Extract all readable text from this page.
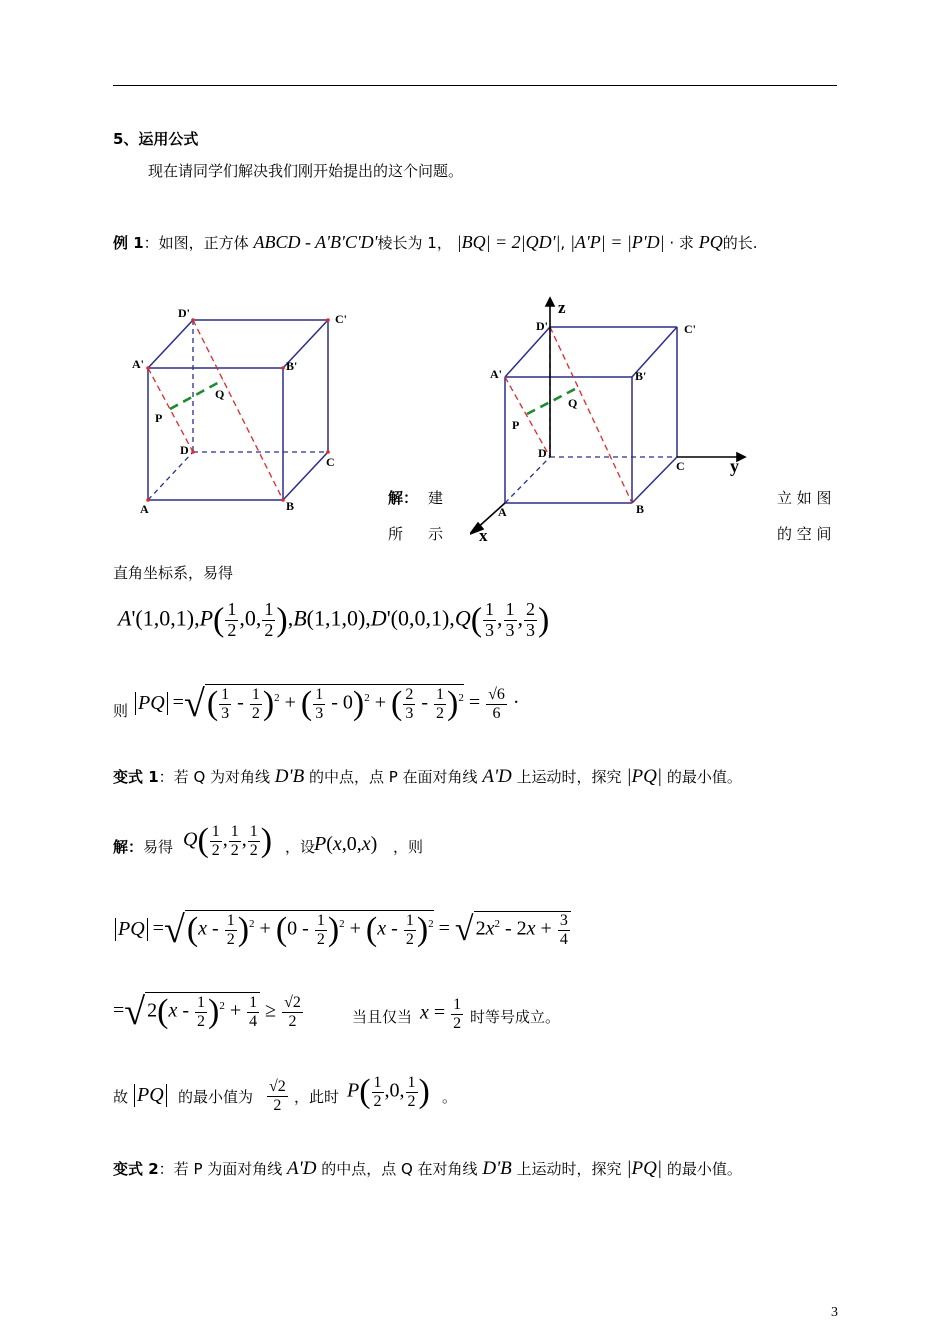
5、运用公式
现在请同学们解决我们刚开始提出的这个问题。
例 1：如图，正方体 ABCD - A'B'C'D'棱长为 1， |BQ| = 2|QD'|, |A'P| = |P'D| · 求 PQ的长.
D'	C'
A'	B'
Q
P
D
C
A	B
z
D'	C'
A'	B'
Q
P
D
C	y
A	B
x
解： 建	立 如 图
所 示	的 空 间
直角坐标系，易得
$A'(1,0,1),P( \frac{1}{2} ,0$, $\frac{1}{2} ),B(1,1,0),D'(0,0,1),Q( \frac{1}{3}$ , $\frac{1}{3}$ , $\frac{2}{3}$ )
则 PQ =√( $\frac{1}{3} - \frac{1}{2} )^2$ + ( $\frac{1}{3} - 0)^2$ + ( $\frac{2}{3} - \frac{1}{2} )^2 = \frac{√6}{6}$ ·
变式 1：若 Q 为对角线 D'B 的中点，点 P 在面对角线 A'D 上运动时，探究 |PQ| 的最小值。
解：易得 $Q( \frac{1}{2}$ , $\frac{1}{2}$ , $\frac{1}{2}$ ) ，设
P(x,0,x) ，则
PQ $=√(x - \frac{1}{2} )^2 + (0 - \frac{1}{2} )^2 + (x - \frac{1}{2} )^2$ = √ $2x^2 - 2x + \frac{3}{4}$
=√ $2(x - \frac{1}{2} )^2 + \frac{1}{4} \ge \frac{√2}{2}$	当且仅当 $x = \frac{1}{2}$ 时等号成立。
故 PQ 的最小值为 $\frac{√2}{2}$ ，此时 $P( \frac{1}{2} ,0$, $\frac{1}{2}$ ) 。
变式 2：若 P 为面对角线 A'D 的中点，点 Q 在对角线 D'B 上运动时，探究 |PQ| 的最小值。
3
